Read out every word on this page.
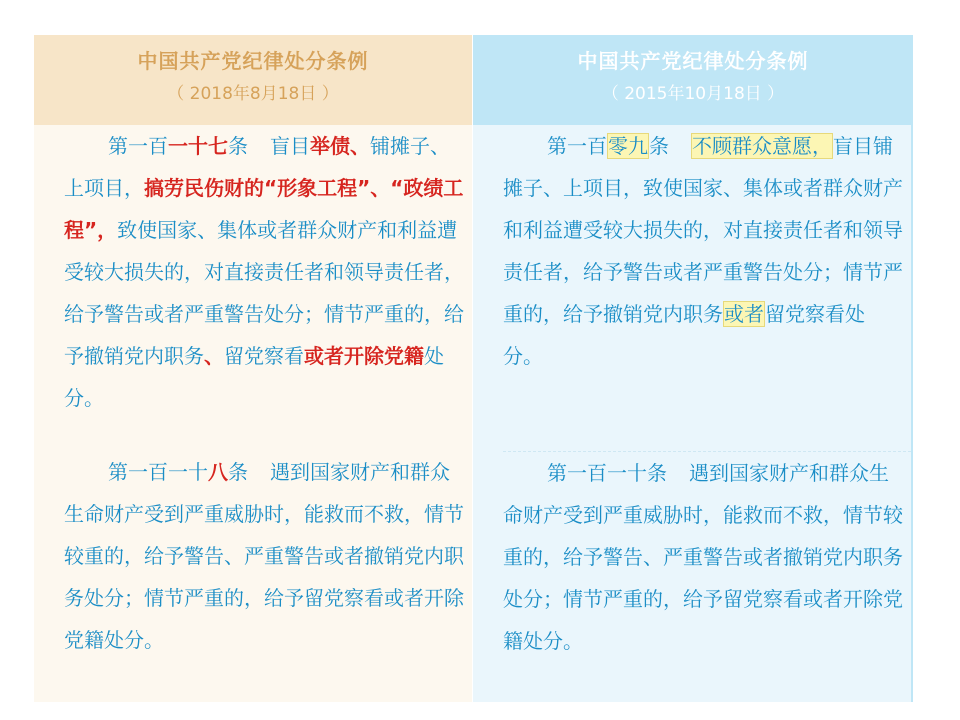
中国共产党纪律处分条例
（ 2018年8月18日 ）
第一百一十七条 盲目举债、铺摊子、上项目，搞劳民伤财的“形象工程”、“政绩工程”，致使国家、集体或者群众财产和利益遭受较大损失的，对直接责任者和领导责任者，给予警告或者严重警告处分；情节严重的，给予撤销党内职务、留党察看或者开除党籍处分。
第一百一十八条 遇到国家财产和群众生命财产受到严重威胁时，能救而不救，情节较重的，给予警告、严重警告或者撤销党内职务处分；情节严重的，给予留党察看或者开除党籍处分。
中国共产党纪律处分条例
（ 2015年10月18日 ）
第一百零九条 不顾群众意愿，盲目铺摊子、上项目，致使国家、集体或者群众财产和利益遭受较大损失的，对直接责任者和领导责任者，给予警告或者严重警告处分；情节严重的，给予撤销党内职务或者留党察看处分。
第一百一十条 遇到国家财产和群众生命财产受到严重威胁时，能救而不救，情节较重的，给予警告、严重警告或者撤销党内职务处分；情节严重的，给予留党察看或者开除党籍处分。
